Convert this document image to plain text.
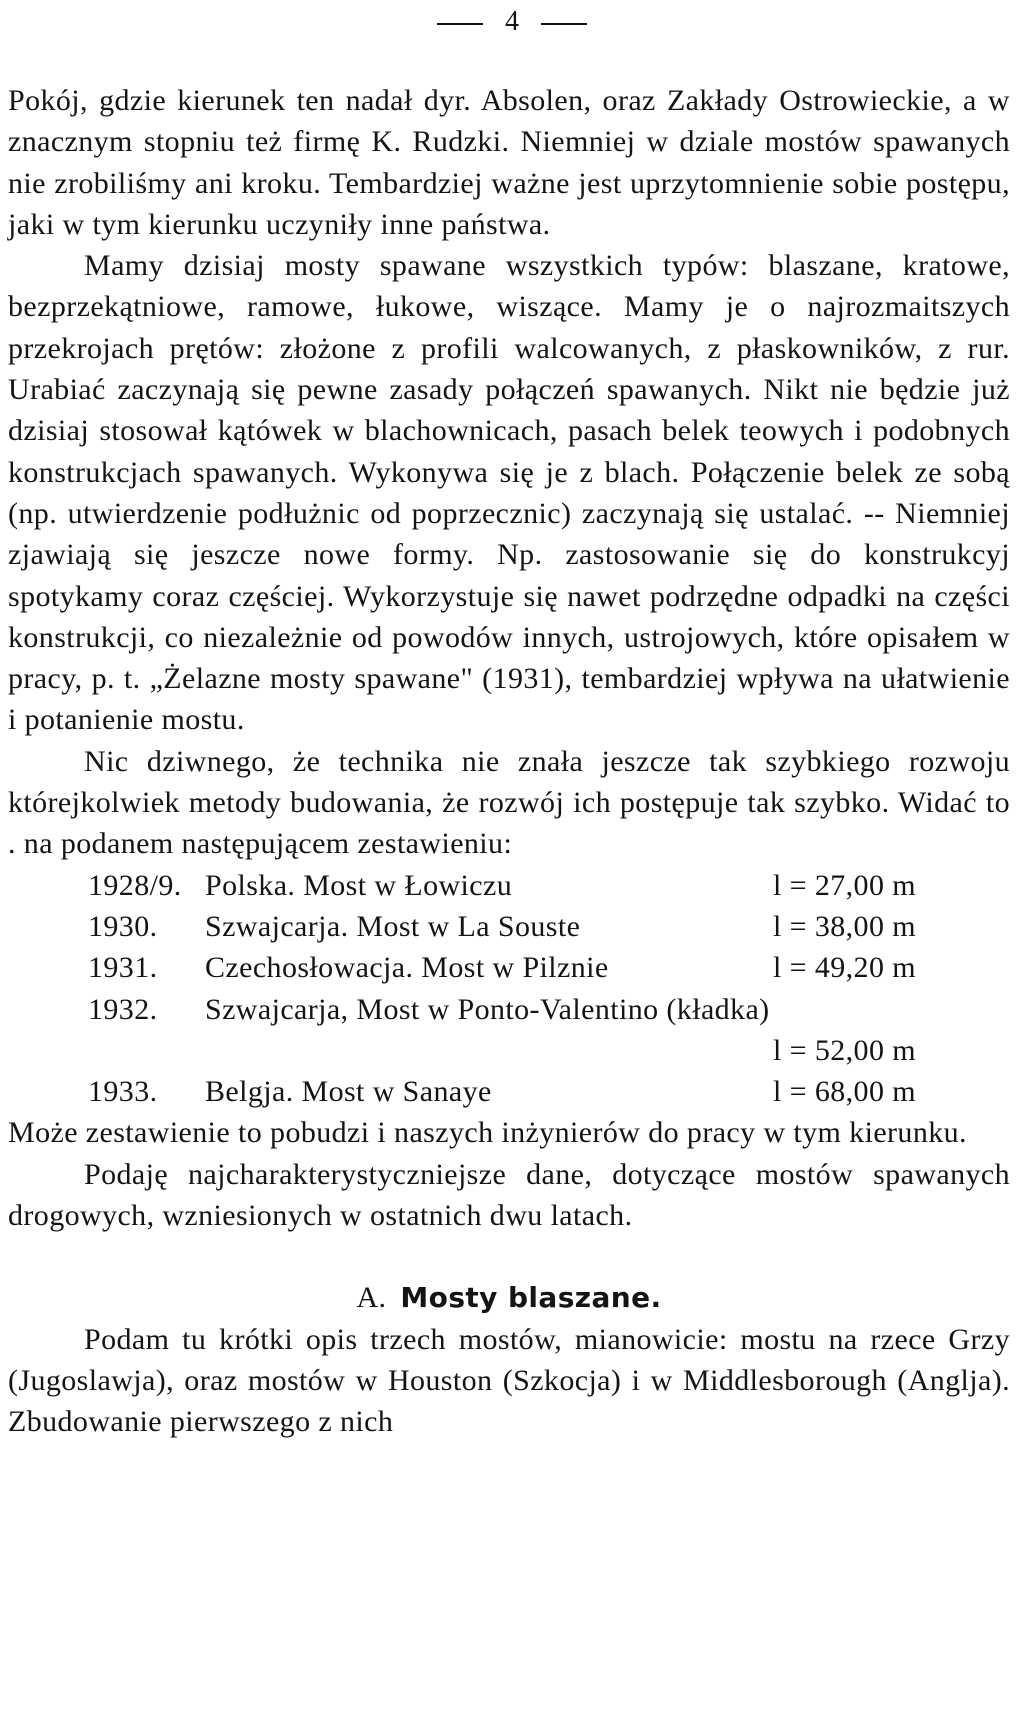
4

Pokój, gdzie kierunek ten nadał dyr. Absolen, oraz Zakłady Ostrowieckie, a w znacznym stopniu też firmę K. Rudzki. Niemniej w dziale mostów spawanych nie zrobiliśmy ani kroku. Tembardziej ważne jest uprzytomnienie sobie postępu, jaki w tym kierunku uczyniły inne państwa.

Mamy dzisiaj mosty spawane wszystkich typów: blaszane, kratowe, bezprzekątniowe, ramowe, łukowe, wiszące. Mamy je o najrozmaitszych przekrojach prętów: złożone z profili walcowanych, z płaskowników, z rur. Urabiać zaczynają się pewne zasady połączeń spawanych. Nikt nie będzie już dzisiaj stosował kątówek w blachownicach, pasach belek teowych i podobnych konstrukcjach spawanych. Wykonywa się je z blach. Połączenie belek ze sobą (np. utwierdzenie podłużnic od poprzecznic) zaczynają się ustalać. -- Niemniej zjawiają się jeszcze nowe formy. Np. zastosowanie się do konstrukcyj spotykamy coraz częściej. Wykorzystuje się nawet podrzędne odpadki na części konstrukcji, co niezależnie od powodów innych, ustrojowych, które opisałem w pracy, p. t. „Żelazne mosty spawane" (1931), tembardziej wpływa na ułatwienie i potanienie mostu.

Nic dziwnego, że technika nie znała jeszcze tak szybkiego rozwoju którejkolwiek metody budowania, że rozwój ich postępuje tak szybko. Widać to . na podanem następującem zestawieniu:

1928/9. Polska. Most w Łowiczu	l = 27,00 m
1930.	Szwajcarja. Most w La Souste	l = 38,00 m
1931.	Czechosłowacja. Most w Pilznie	l = 49,20 m
1932.	Szwajcarja, Most w Ponto-Valentino (kładka)
l = 52,00 m
1933.	Belgja. Most w Sanaye	l = 68,00 m

Może zestawienie to pobudzi i naszych inżynierów do pracy w tym kierunku.

Podaję najcharakterystyczniejsze dane, dotyczące mostów spawanych drogowych, wzniesionych w ostatnich dwu latach.

A. Mosty blaszane.

Podam tu krótki opis trzech mostów, mianowicie: mostu na rzece Grzy (Jugoslawja), oraz mostów w Houston (Szkocja) i w Middlesborough (Anglja). Zbudowanie pierwszego z nich
